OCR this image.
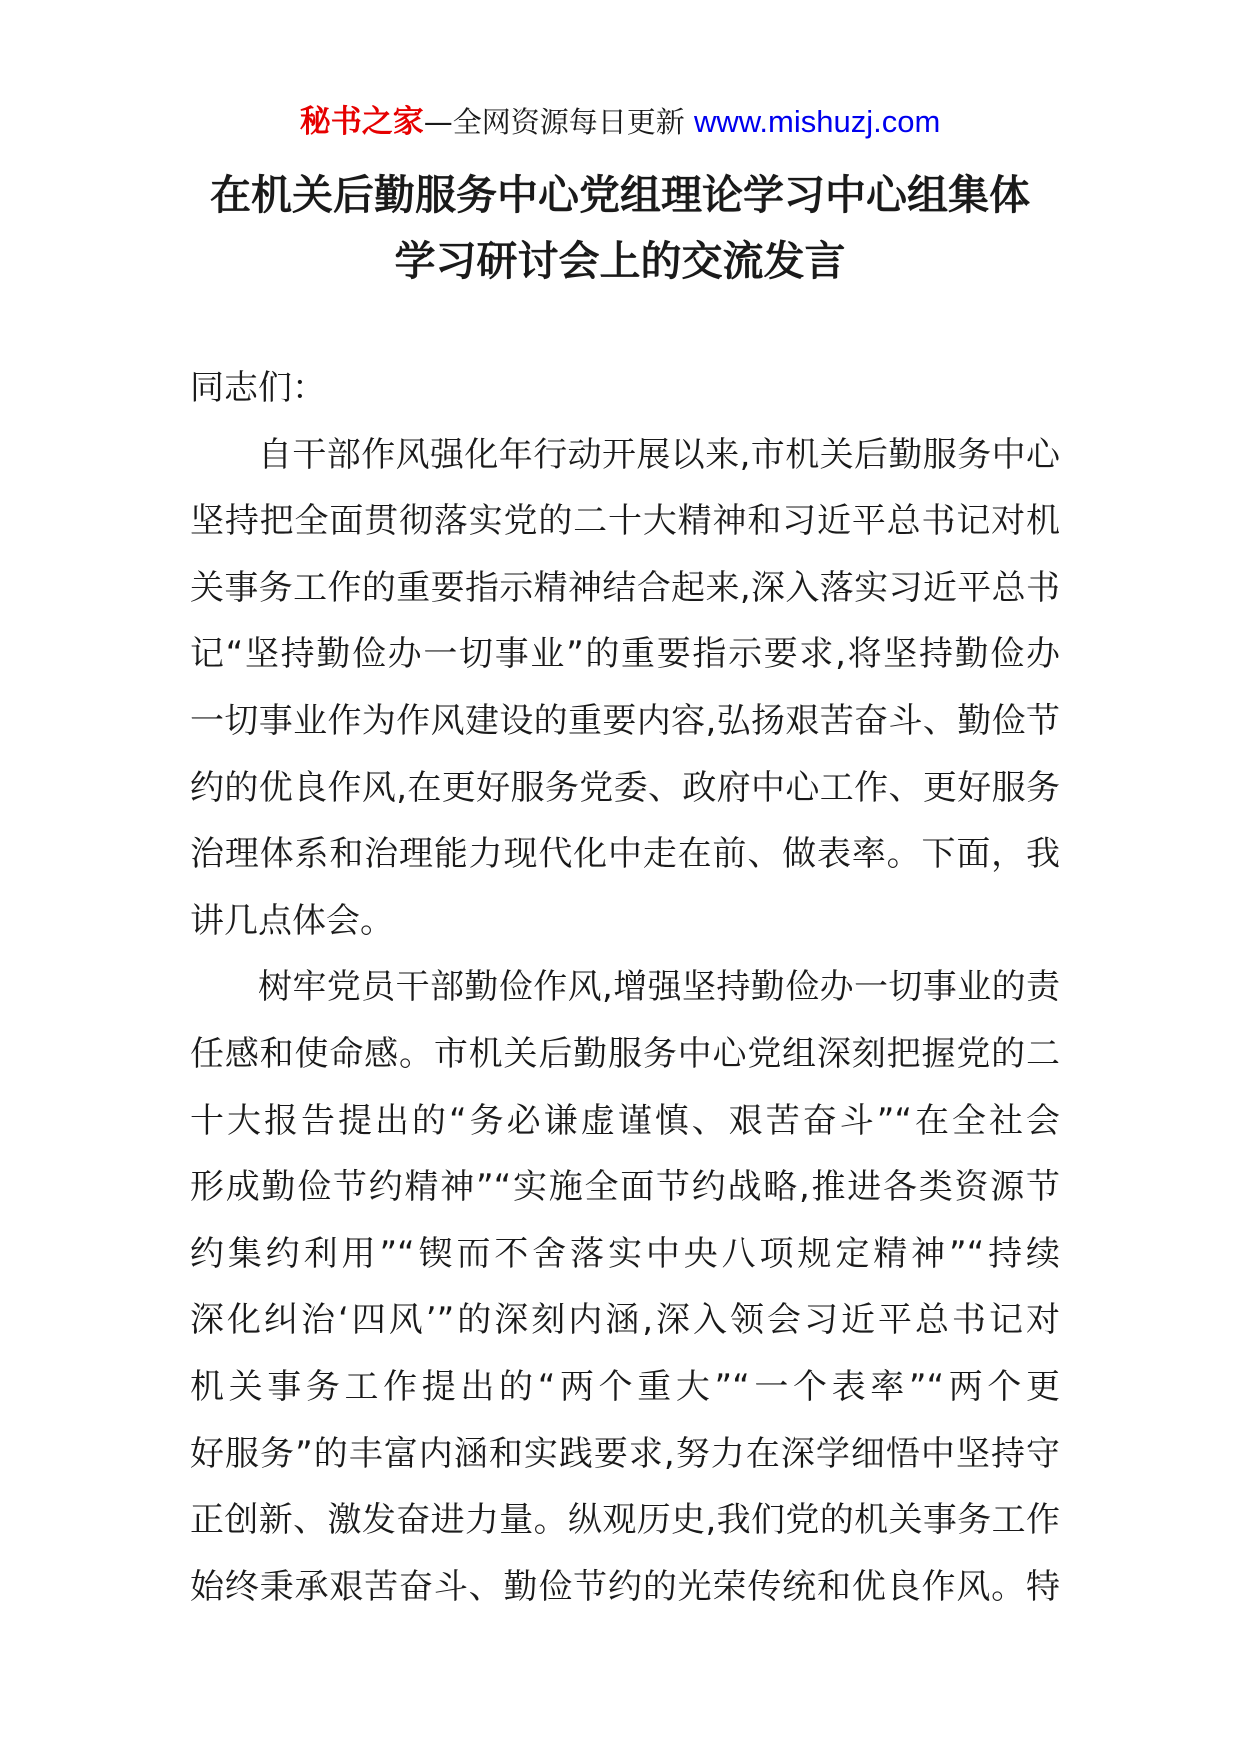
秘书之家—全网资源每日更新 www.mishuzj.com
在机关后勤服务中心党组理论学习中心组集体
学习研讨会上的交流发言
同志们：
自干部作风强化年行动开展以来,市机关后勤服务中心
坚持把全面贯彻落实党的二十大精神和习近平总书记对机
关事务工作的重要指示精神结合起来,深入落实习近平总书
记“坚持勤俭办一切事业”的重要指示要求,将坚持勤俭办
一切事业作为作风建设的重要内容,弘扬艰苦奋斗、勤俭节
约的优良作风,在更好服务党委、政府中心工作、更好服务
治理体系和治理能力现代化中走在前、做表率。下面，我
讲几点体会。
树牢党员干部勤俭作风,增强坚持勤俭办一切事业的责
任感和使命感。市机关后勤服务中心党组深刻把握党的二
十大报告提出的“务必谦虚谨慎、艰苦奋斗”“在全社会
形成勤俭节约精神”“实施全面节约战略,推进各类资源节
约集约利用”“锲而不舍落实中央八项规定精神”“持续
深化纠治‘四风’”的深刻内涵,深入领会习近平总书记对
机关事务工作提出的“两个重大”“一个表率”“两个更
好服务”的丰富内涵和实践要求,努力在深学细悟中坚持守
正创新、激发奋进力量。纵观历史,我们党的机关事务工作
始终秉承艰苦奋斗、勤俭节约的光荣传统和优良作风。特
